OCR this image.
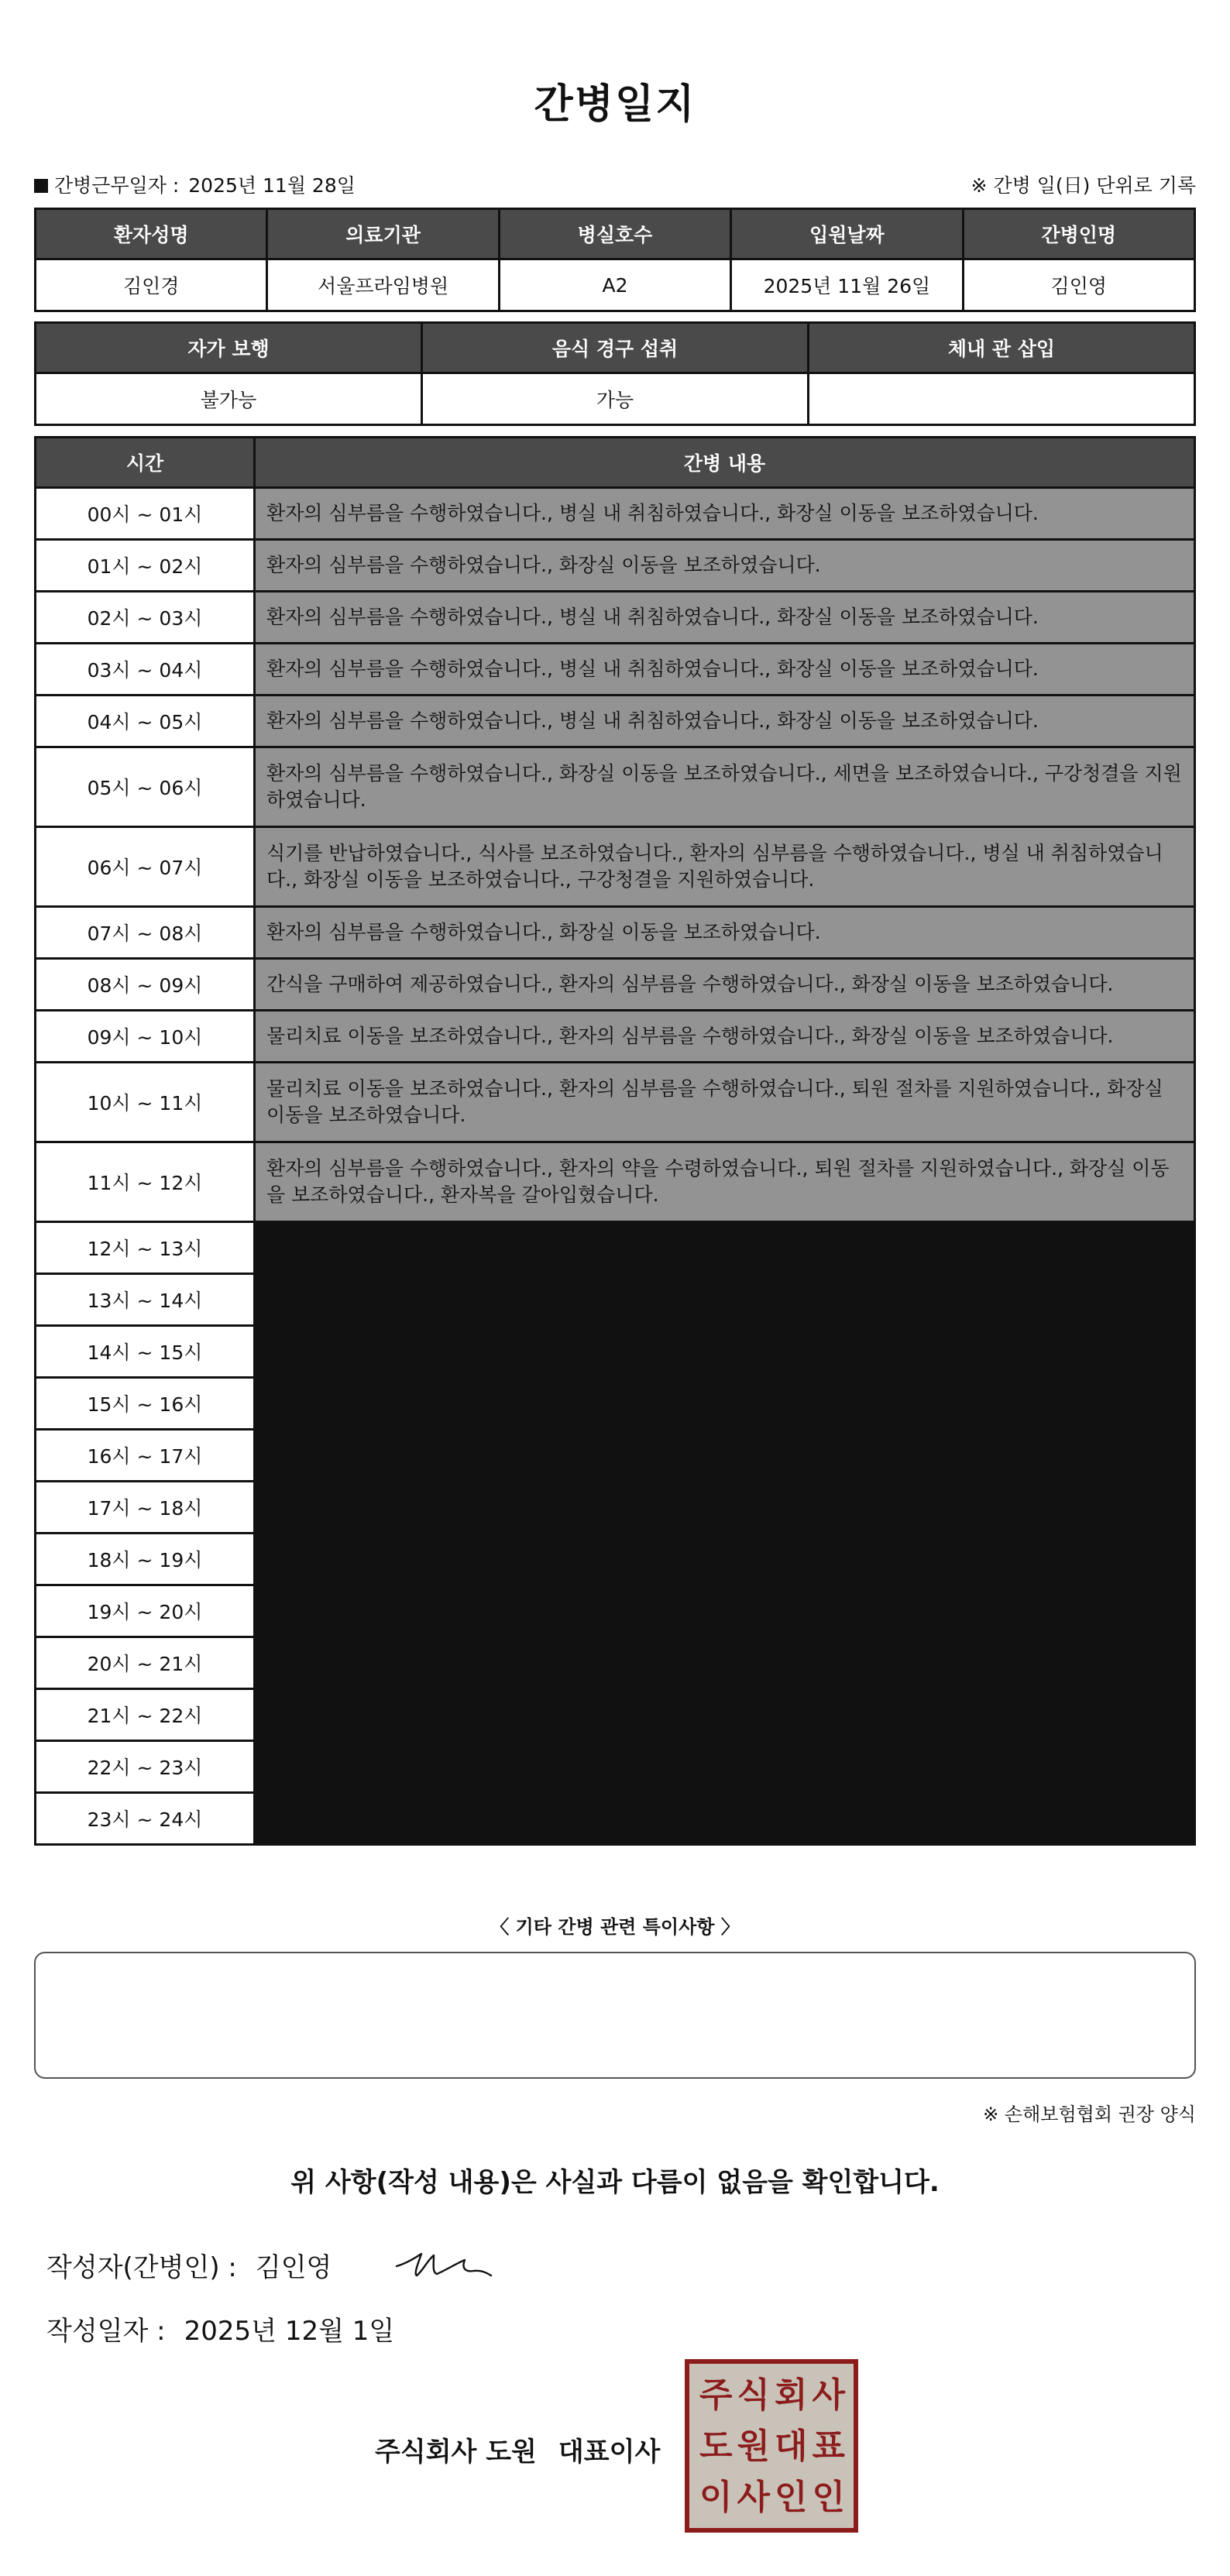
간병일지
간병근무일자 : 2025년 11월 28일	※ 간병 일(日) 단위로 기록
환자성명	의료기관	병실호수	입원날짜	간병인명
김인경	서울프라임병원	A2	2025년 11월 26일	김인영
자가 보행	음식 경구 섭취	체내 관 삽입
불가능	가능	
시간	간병 내용
00시 ~ 01시	환자의 심부름을 수행하였습니다., 병실 내 취침하였습니다., 화장실 이동을 보조하였습니다.
01시 ~ 02시	환자의 심부름을 수행하였습니다., 화장실 이동을 보조하였습니다.
02시 ~ 03시	환자의 심부름을 수행하였습니다., 병실 내 취침하였습니다., 화장실 이동을 보조하였습니다.
03시 ~ 04시	환자의 심부름을 수행하였습니다., 병실 내 취침하였습니다., 화장실 이동을 보조하였습니다.
04시 ~ 05시	환자의 심부름을 수행하였습니다., 병실 내 취침하였습니다., 화장실 이동을 보조하였습니다.
05시 ~ 06시	환자의 심부름을 수행하였습니다., 화장실 이동을 보조하였습니다., 세면을 보조하였습니다., 구강청결을 지원하였습니다.
06시 ~ 07시	식기를 반납하였습니다., 식사를 보조하였습니다., 환자의 심부름을 수행하였습니다., 병실 내 취침하였습니다., 화장실 이동을 보조하였습니다., 구강청결을 지원하였습니다.
07시 ~ 08시	환자의 심부름을 수행하였습니다., 화장실 이동을 보조하였습니다.
08시 ~ 09시	간식을 구매하여 제공하였습니다., 환자의 심부름을 수행하였습니다., 화장실 이동을 보조하였습니다.
09시 ~ 10시	물리치료 이동을 보조하였습니다., 환자의 심부름을 수행하였습니다., 화장실 이동을 보조하였습니다.
10시 ~ 11시	물리치료 이동을 보조하였습니다., 환자의 심부름을 수행하였습니다., 퇴원 절차를 지원하였습니다., 화장실 이동을 보조하였습니다.
11시 ~ 12시	환자의 심부름을 수행하였습니다., 환자의 약을 수령하였습니다., 퇴원 절차를 지원하였습니다., 화장실 이동을 보조하였습니다., 환자복을 갈아입혔습니다.
12시 ~ 13시	
13시 ~ 14시	
14시 ~ 15시	
15시 ~ 16시	
16시 ~ 17시	
17시 ~ 18시	
18시 ~ 19시	
19시 ~ 20시	
20시 ~ 21시	
21시 ~ 22시	
22시 ~ 23시	
23시 ~ 24시	
〈 기타 간병 관련 특이사항 〉
※ 손해보험협회 권장 양식
위 사항(작성 내용)은 사실과 다름이 없음을 확인합니다.
작성자(간병인) : 김인영
작성일자 : 2025년 12월 1일
주식회사 도원 대표이사
주 식 회 사
도 원 대 표
이 사 인 인
